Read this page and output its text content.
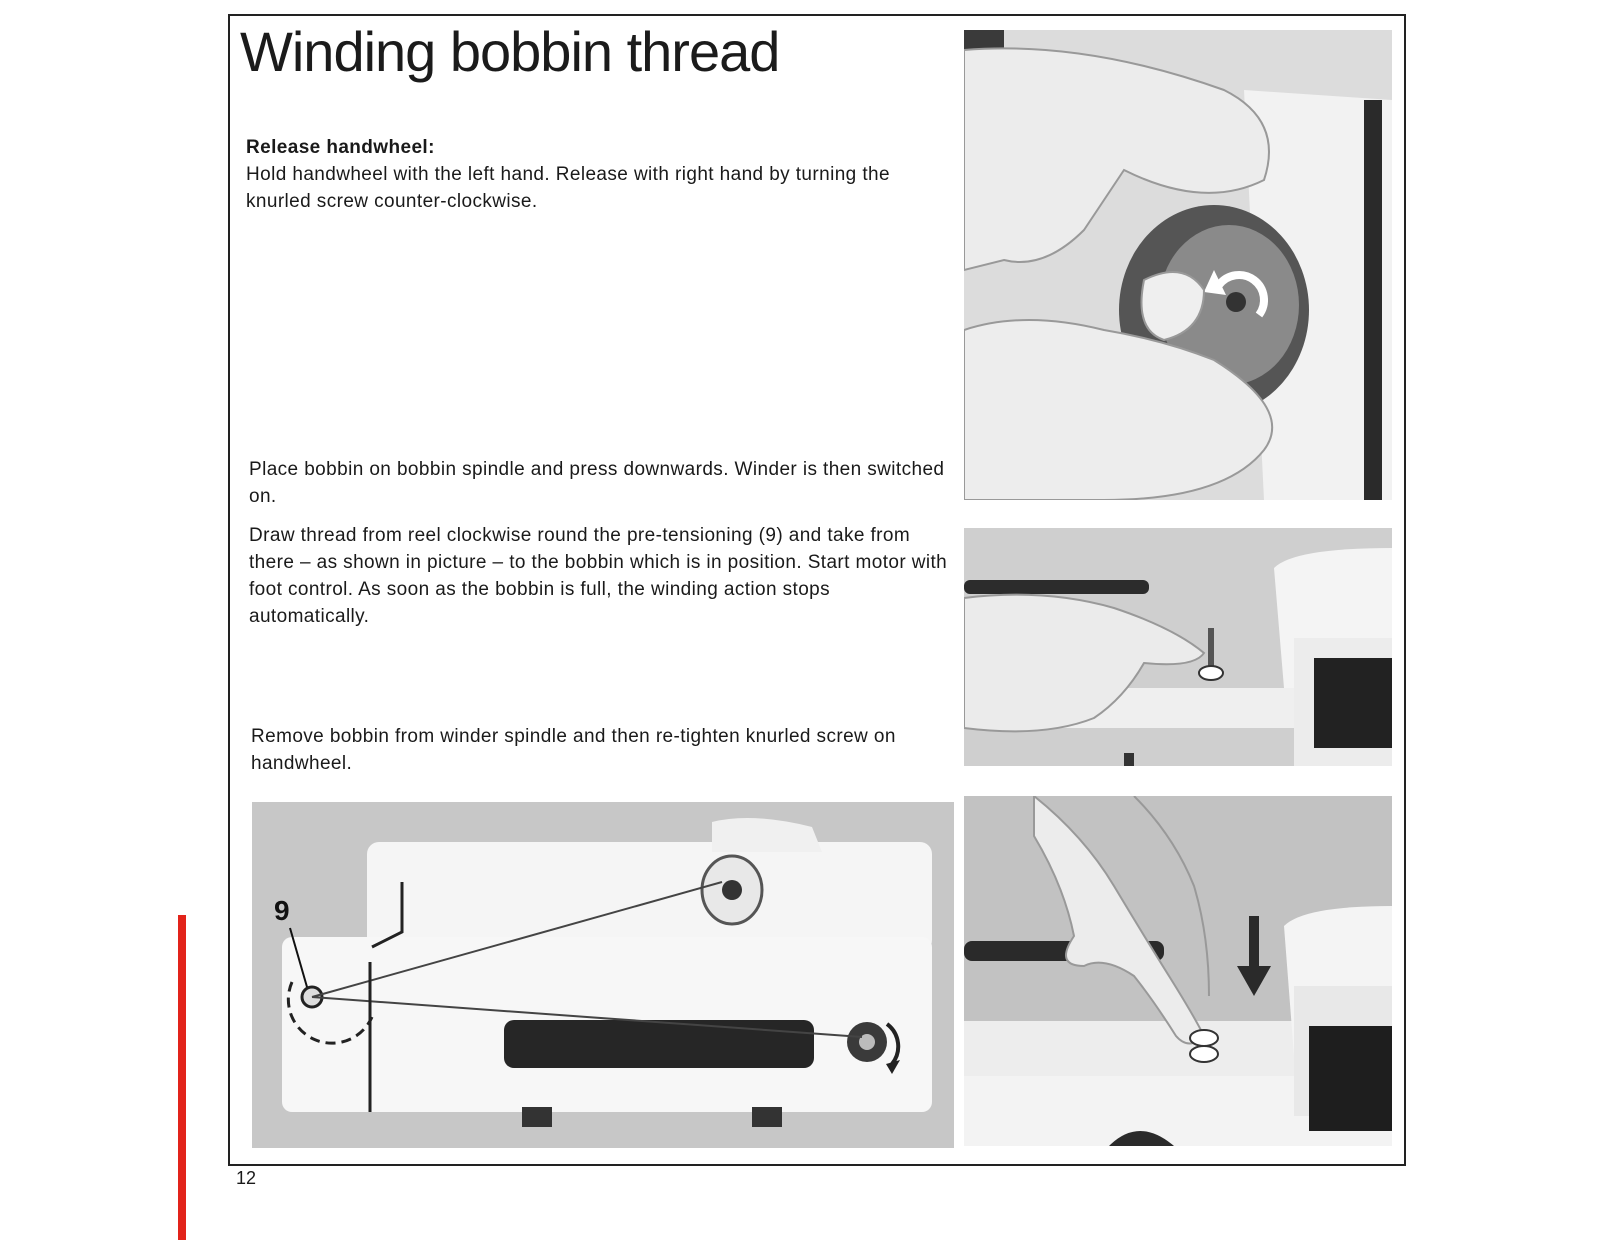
Winding bobbin thread

Release handwheel:
Hold handwheel with the left hand. Release with right hand by turning the knurled screw counter-clockwise.

Place bobbin on bobbin spindle and press downwards. Winder is then switched on.

Draw thread from reel clockwise round the pre-tensioning (9) and take from there – as shown in picture – to the bobbin which is in position. Start motor with foot control. As soon as the bobbin is full, the winding action stops automatically.

Remove bobbin from winder spindle and then re-tighten knurled screw on handwheel.

9
12
